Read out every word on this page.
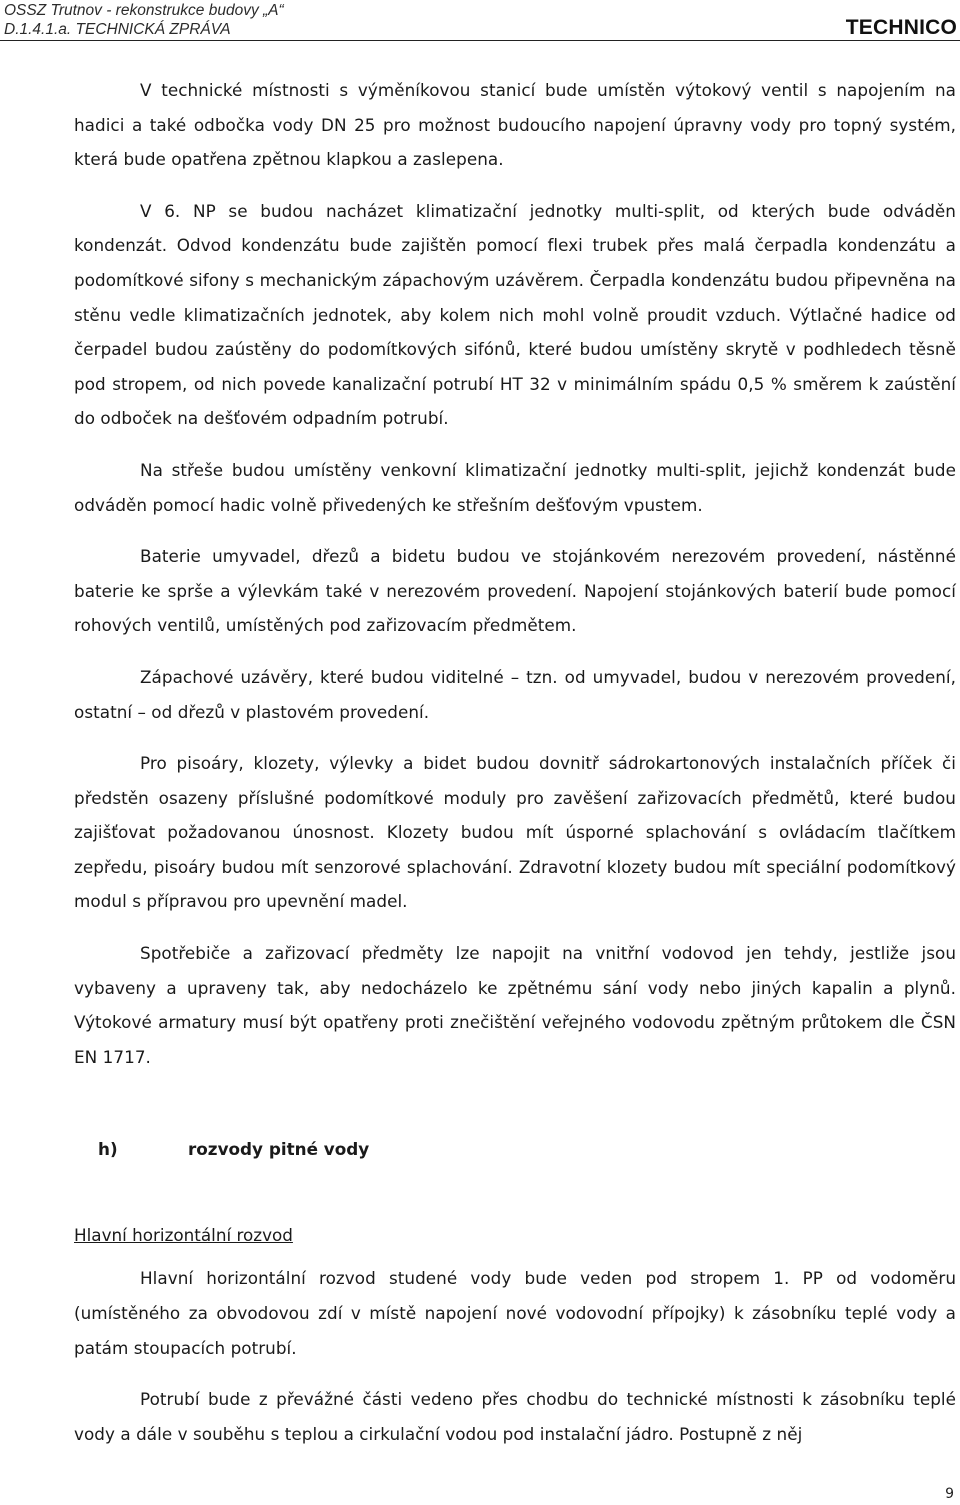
OSSZ Trutnov - rekonstrukce budovy „A“
D.1.4.1.a. TECHNICKÁ ZPRÁVA	TECHNICO

V technické místnosti s výměníkovou stanicí bude umístěn výtokový ventil s napojením na hadici a také odbočka vody DN 25 pro možnost budoucího napojení úpravny vody pro topný systém, která bude opatřena zpětnou klapkou a zaslepena.

V 6. NP se budou nacházet klimatizační jednotky multi-split, od kterých bude odváděn kondenzát. Odvod kondenzátu bude zajištěn pomocí flexi trubek přes malá čerpadla kondenzátu a podomítkové sifony s mechanickým zápachovým uzávěrem. Čerpadla kondenzátu budou připevněna na stěnu vedle klimatizačních jednotek, aby kolem nich mohl volně proudit vzduch. Výtlačné hadice od čerpadel budou zaústěny do podomítkových sifónů, které budou umístěny skrytě v podhledech těsně pod stropem, od nich povede kanalizační potrubí HT 32 v minimálním spádu 0,5 % směrem k zaústění do odboček na dešťovém odpadním potrubí.

Na střeše budou umístěny venkovní klimatizační jednotky multi-split, jejichž kondenzát bude odváděn pomocí hadic volně přivedených ke střešním dešťovým vpustem.

Baterie umyvadel, dřezů a bidetu budou ve stojánkovém nerezovém provedení, nástěnné baterie ke sprše a výlevkám také v nerezovém provedení. Napojení stojánkových baterií bude pomocí rohových ventilů, umístěných pod zařizovacím předmětem.

Zápachové uzávěry, které budou viditelné – tzn. od umyvadel, budou v nerezovém provedení, ostatní – od dřezů v plastovém provedení.

Pro pisoáry, klozety, výlevky a bidet budou dovnitř sádrokartonových instalačních příček či předstěn osazeny příslušné podomítkové moduly pro zavěšení zařizovacích předmětů, které budou zajišťovat požadovanou únosnost. Klozety budou mít úsporné splachování s ovládacím tlačítkem zepředu, pisoáry budou mít senzorové splachování. Zdravotní klozety budou mít speciální podomítkový modul s přípravou pro upevnění madel.

Spotřebiče a zařizovací předměty lze napojit na vnitřní vodovod jen tehdy, jestliže jsou vybaveny a upraveny tak, aby nedocházelo ke zpětnému sání vody nebo jiných kapalin a plynů. Výtokové armatury musí být opatřeny proti znečištění veřejného vodovodu zpětným průtokem dle ČSN EN 1717.

h)	rozvody pitné vody
Hlavní horizontální rozvod

Hlavní horizontální rozvod studené vody bude veden pod stropem 1. PP od vodoměru (umístěného za obvodovou zdí v místě napojení nové vodovodní přípojky) k zásobníku teplé vody a patám stoupacích potrubí.

Potrubí bude z převážné části vedeno přes chodbu do technické místnosti k zásobníku teplé vody a dále v souběhu s teplou a cirkulační vodou pod instalační jádro. Postupně z něj

9
